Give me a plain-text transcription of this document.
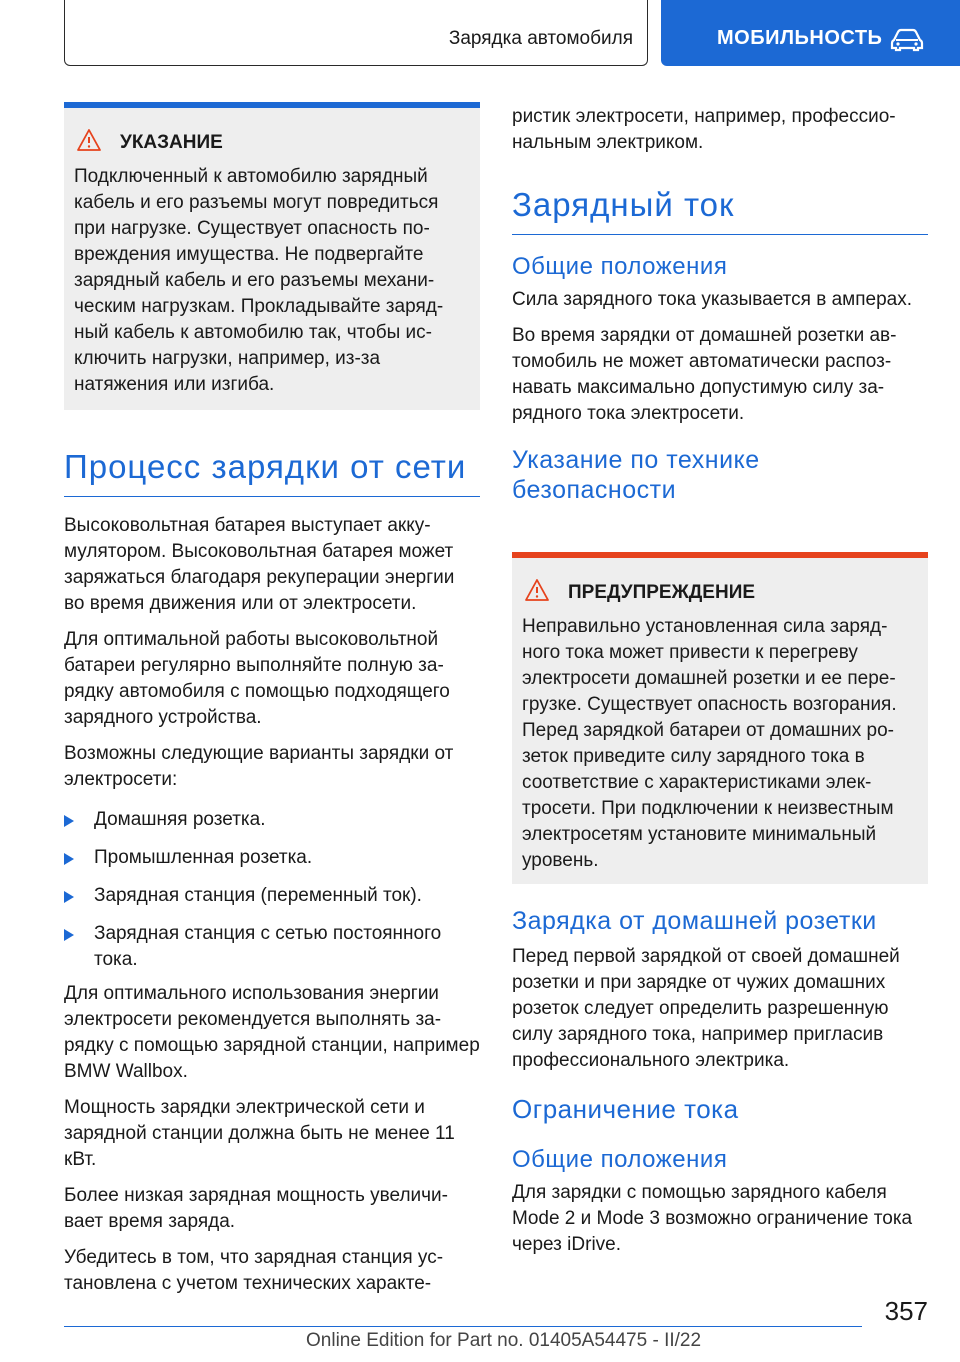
Зарядка автомобиля	МОБИЛЬНОСТЬ
УКАЗАНИЕ
Подключенный к автомобилю зарядный кабель и его разъемы могут повредиться при нагрузке. Существует опасность повреждения имущества. Не подвергайте зарядный кабель и его разъемы механическим нагрузкам. Прокладывайте зарядный кабель к автомобилю так, чтобы исключить нагрузки, например, из-за натяжения или изгиба.
Процесс зарядки от сети

Высоковольтная батарея выступает аккумулятором. Высоковольтная батарея может заряжаться благодаря рекуперации энергии во время движения или от электросети.

Для оптимальной работы высоковольтной батареи регулярно выполняйте полную зарядку автомобиля с помощью подходящего зарядного устройства.

Возможны следующие варианты зарядки от электросети:

Домашняя розетка.
Промышленная розетка.
Зарядная станция (переменный ток).
Зарядная станция с сетью постоянного тока.

Для оптимального использования энергии электросети рекомендуется выполнять зарядку с помощью зарядной станции, например BMW Wallbox.

Мощность зарядки электрической сети и зарядной станции должна быть не менее 11 кВт.

Более низкая зарядная мощность увеличивает время заряда.

Убедитесь в том, что зарядная станция установлена с учетом технических характе-

ристик электросети, например, профессиональным электриком.

Зарядный ток
Общие положения

Сила зарядного тока указывается в амперах.

Во время зарядки от домашней розетки автомобиль не может автоматически распознавать максимально допустимую силу зарядного тока электросети.

Указание по технике безопасности
ПРЕДУПРЕЖДЕНИЕ
Неправильно установленная сила зарядного тока может привести к перегреву электросети домашней розетки и ее перегрузке. Существует опасность возгорания. Перед зарядкой батареи от домашних розеток приведите силу зарядного тока в соответствие с характеристиками электросети. При подключении к неизвестным электросетям установите минимальный уровень.
Зарядка от домашней розетки

Перед первой зарядкой от своей домашней розетки и при зарядке от чужих домашних розеток следует определить разрешенную силу зарядного тока, например пригласив профессионального электрика.

Ограничение тока
Общие положения

Для зарядки с помощью зарядного кабеля Mode 2 и Mode 3 возможно ограничение тока через iDrive.

357
Online Edition for Part no. 01405A54475 - II/22
